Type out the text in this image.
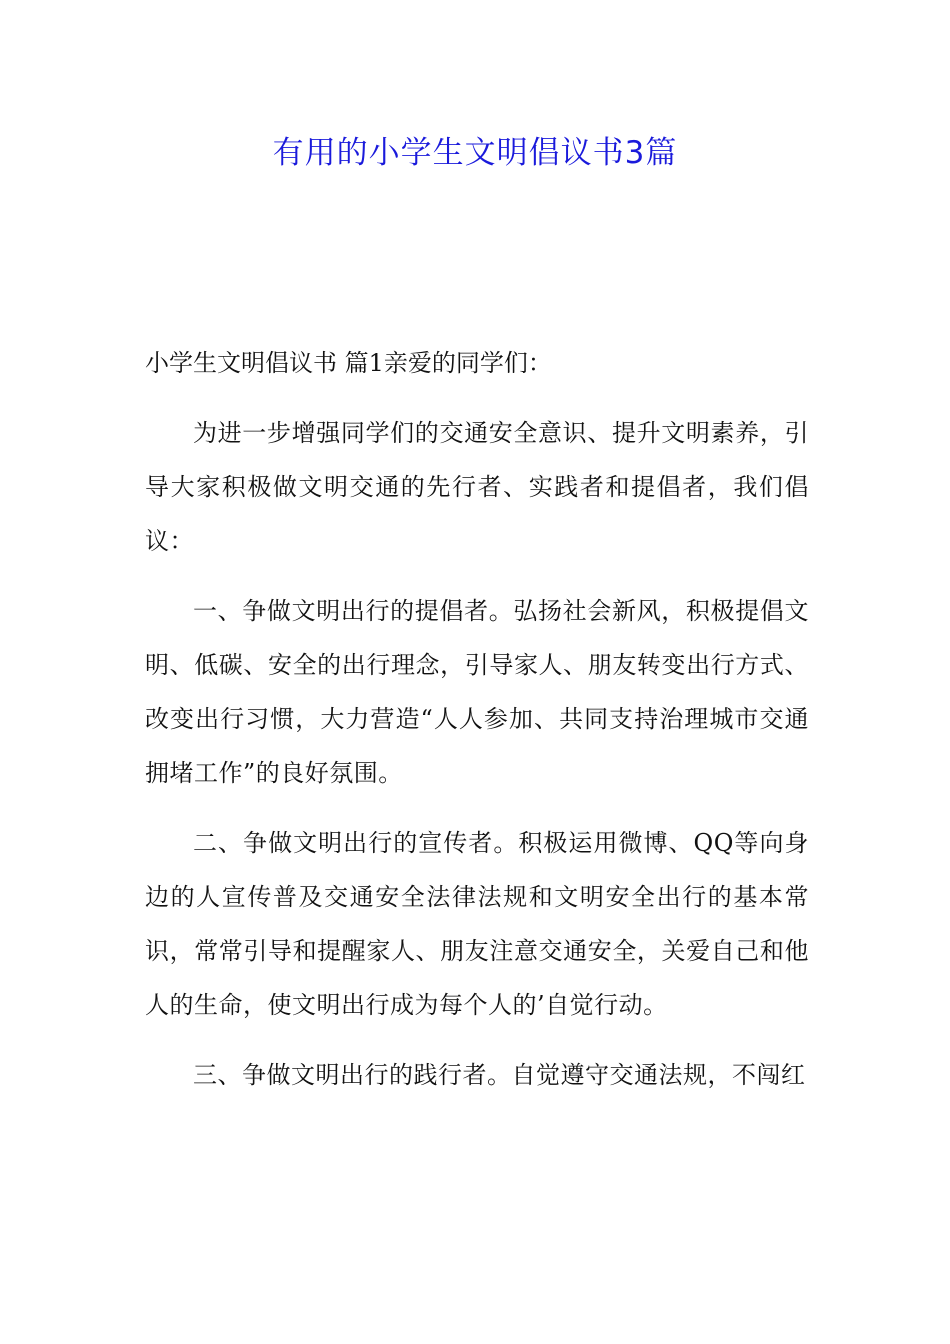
有用的小学生文明倡议书3篇

小学生文明倡议书 篇1亲爱的同学们：

为进一步增强同学们的交通安全意识、提升文明素养，引导大家积极做文明交通的先行者、实践者和提倡者，我们倡议：

一、争做文明出行的提倡者。弘扬社会新风，积极提倡文明、低碳、安全的出行理念，引导家人、朋友转变出行方式、改变出行习惯，大力营造“人人参加、共同支持治理城市交通拥堵工作”的良好氛围。

二、争做文明出行的宣传者。积极运用微博、QQ等向身边的人宣传普及交通安全法律法规和文明安全出行的基本常识，常常引导和提醒家人、朋友注意交通安全，关爱自己和他人的生命，使文明出行成为每个人的’自觉行动。

三、争做文明出行的践行者。自觉遵守交通法规，不闯红
